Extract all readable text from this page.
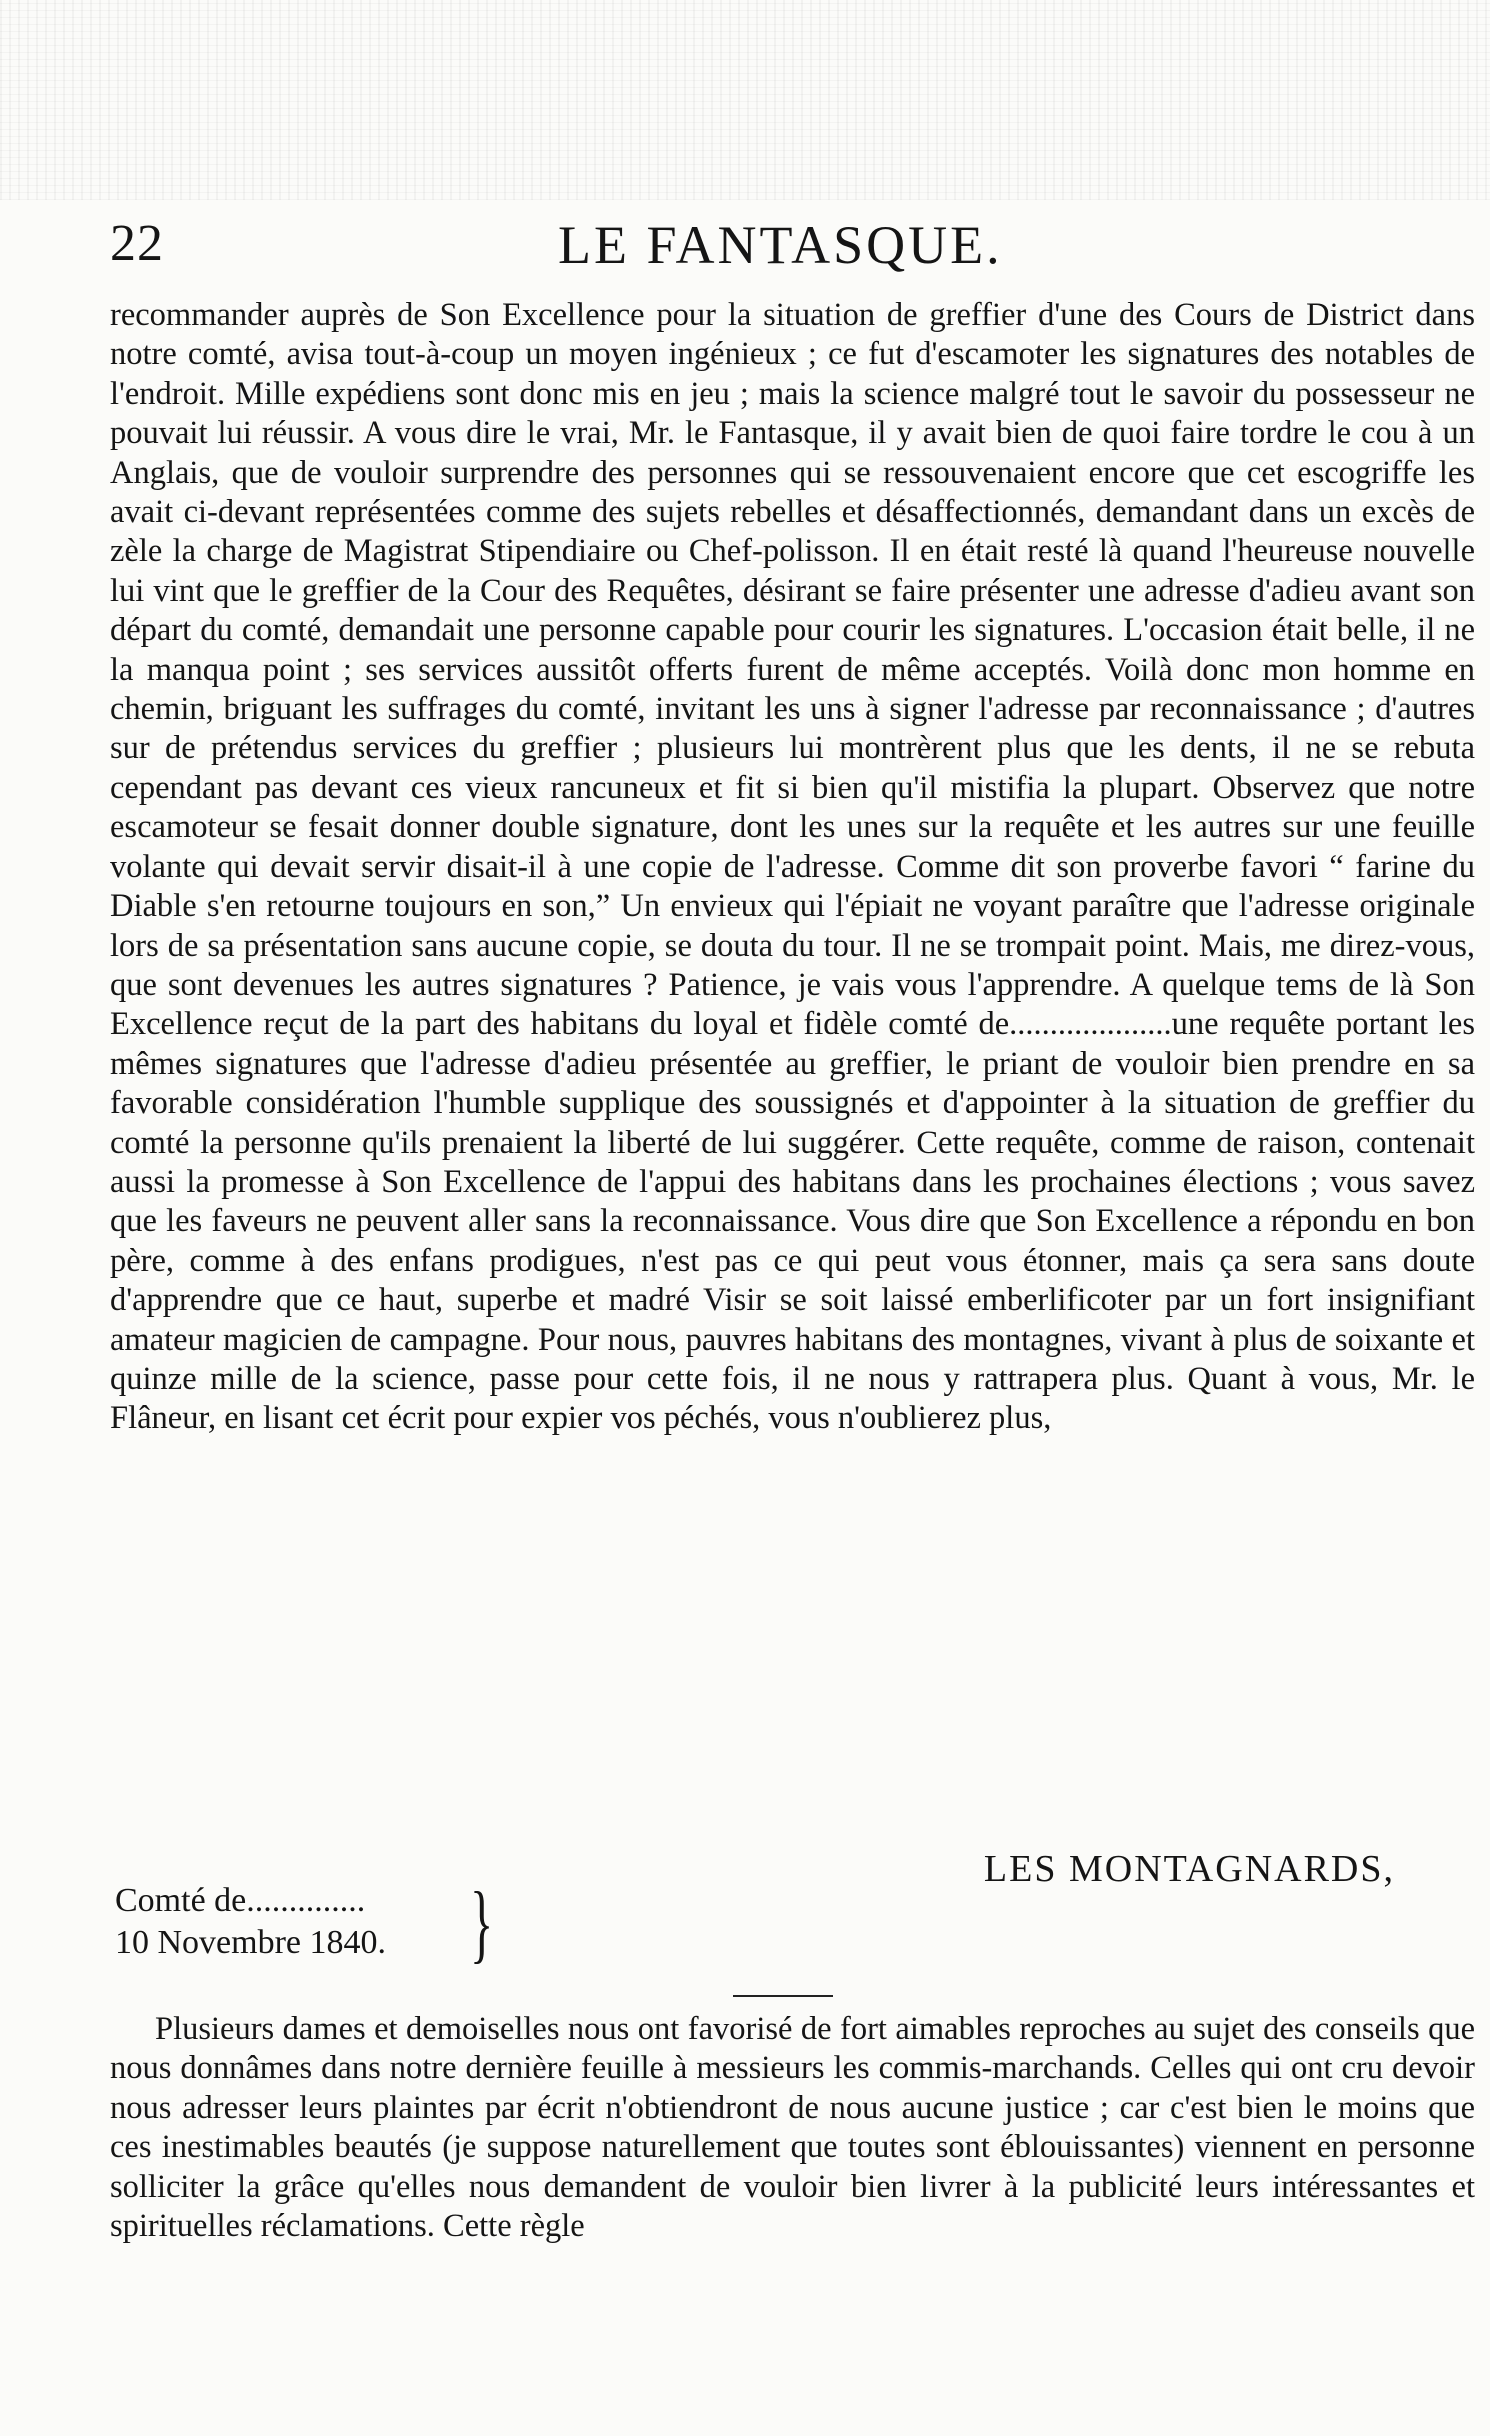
22	LE FANTASQUE.

recommander auprès de Son Excellence pour la situation de greffier d'une des Cours de District dans notre comté, avisa tout-à-coup un moyen ingénieux ; ce fut d'escamoter les signatures des notables de l'endroit. Mille expédiens sont donc mis en jeu ; mais la science malgré tout le savoir du possesseur ne pouvait lui réussir. A vous dire le vrai, Mr. le Fantasque, il y avait bien de quoi faire tordre le cou à un Anglais, que de vouloir surprendre des personnes qui se ressouvenaient encore que cet escogriffe les avait ci-devant représentées comme des sujets rebelles et désaffectionnés, demandant dans un excès de zèle la charge de Magistrat Stipendiaire ou Chef-polisson. Il en était resté là quand l'heureuse nouvelle lui vint que le greffier de la Cour des Requêtes, désirant se faire présenter une adresse d'adieu avant son départ du comté, demandait une personne capable pour courir les signatures. L'occasion était belle, il ne la manqua point ; ses services aussitôt offerts furent de même acceptés. Voilà donc mon homme en chemin, briguant les suffrages du comté, invitant les uns à signer l'adresse par reconnaissance ; d'autres sur de prétendus services du greffier ; plusieurs lui montrèrent plus que les dents, il ne se rebuta cependant pas devant ces vieux rancuneux et fit si bien qu'il mistifia la plupart. Observez que notre escamoteur se fesait donner double signature, dont les unes sur la requête et les autres sur une feuille volante qui devait servir disait-il à une copie de l'adresse. Comme dit son proverbe favori “ farine du Diable s'en retourne toujours en son,” Un envieux qui l'épiait ne voyant paraître que l'adresse originale lors de sa présentation sans aucune copie, se douta du tour. Il ne se trompait point. Mais, me direz-vous, que sont devenues les autres signatures ? Patience, je vais vous l'apprendre. A quelque tems de là Son Excellence reçut de la part des habitans du loyal et fidèle comté de....................une requête portant les mêmes signatures que l'adresse d'adieu présentée au greffier, le priant de vouloir bien prendre en sa favorable considération l'humble supplique des soussignés et d'appointer à la situation de greffier du comté la personne qu'ils prenaient la liberté de lui suggérer. Cette requête, comme de raison, contenait aussi la promesse à Son Excellence de l'appui des habitans dans les prochaines élections ; vous savez que les faveurs ne peuvent aller sans la reconnaissance. Vous dire que Son Excellence a répondu en bon père, comme à des enfans prodigues, n'est pas ce qui peut vous étonner, mais ça sera sans doute d'apprendre que ce haut, superbe et madré Visir se soit laissé emberlificoter par un fort insignifiant amateur magicien de campagne. Pour nous, pauvres habitans des montagnes, vivant à plus de soixante et quinze mille de la science, passe pour cette fois, il ne nous y rattrapera plus. Quant à vous, Mr. le Flâneur, en lisant cet écrit pour expier vos péchés, vous n'oublierez plus,

LES MONTAGNARDS,
Comté de..............
10 Novembre 1840. }

Plusieurs dames et demoiselles nous ont favorisé de fort aimables reproches au sujet des conseils que nous donnâmes dans notre dernière feuille à messieurs les commis-marchands. Celles qui ont cru devoir nous adresser leurs plaintes par écrit n'obtiendront de nous aucune justice ; car c'est bien le moins que ces inestimables beautés (je suppose naturellement que toutes sont éblouissantes) viennent en personne solliciter la grâce qu'elles nous demandent de vouloir bien livrer à la publicité leurs intéressantes et spirituelles réclamations. Cette règle
